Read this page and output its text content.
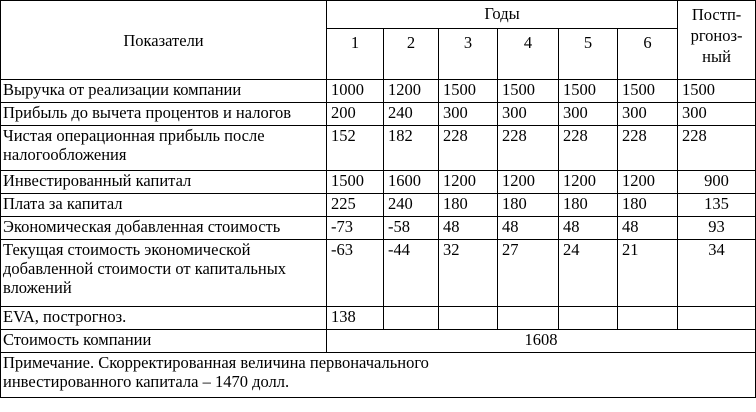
Показатели	Годы						Постп-ргоноз-ный
	1	2	3	4	5	6	
Выручка от реализации компании	1000	1200	1500	1500	1500	1500	1500
Прибыль до вычета процентов и налогов	200	240	300	300	300	300	300
Чистая операционная прибыль после налогообложения	152	182	228	228	228	228	228
Инвестированный капитал	1500	1600	1200	1200	1200	1200	900
Плата за капитал	225	240	180	180	180	180	135
Экономическая добавленная стоимость	-73	-58	48	48	48	48	93
Текущая стоимость экономической добавленной стоимости от капитальных вложений	-63	-44	32	27	24	21	34
EVA, построгноз.	138						
Стоимость компании	1608						

Примечание. Скорректированная величина первоначального инвестированного капитала – 1470 долл.							
